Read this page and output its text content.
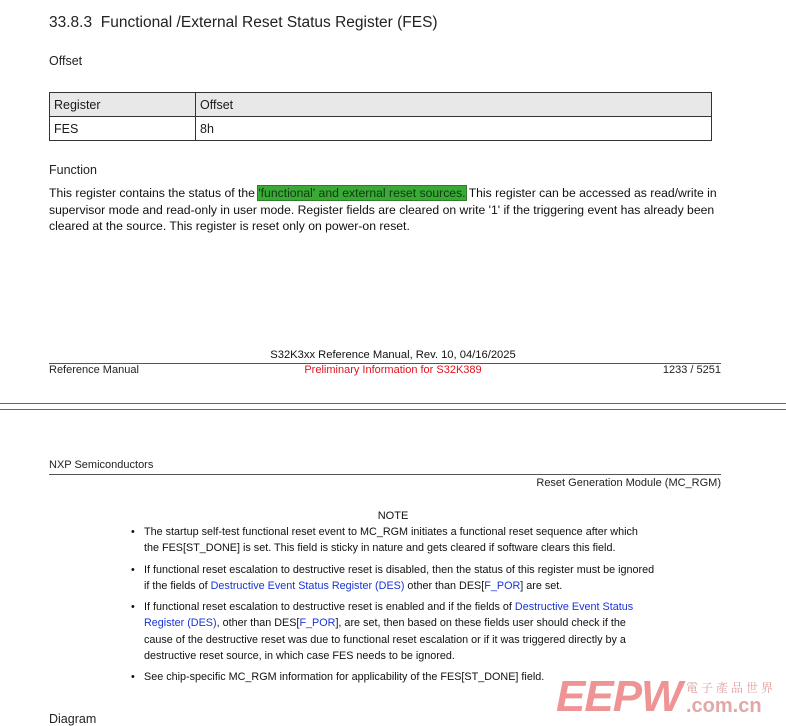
33.8.3 Functional /External Reset Status Register (FES)
Offset
Register	Offset
FES	8h
Function
This register contains the status of the 'functional' and external reset sources. This register can be accessed as read/write in supervisor mode and read-only in user mode. Register fields are cleared on write '1' if the triggering event has already been cleared at the source. This register is reset only on power-on reset.
S32K3xx Reference Manual, Rev. 10, 04/16/2025
Reference Manual	Preliminary Information for S32K389	1233 / 5251
NXP Semiconductors
Reset Generation Module (MC_RGM)
NOTE
• The startup self-test functional reset event to MC_RGM initiates a functional reset sequence after which the FES[ST_DONE] is set. This field is sticky in nature and gets cleared if software clears this field.
• If functional reset escalation to destructive reset is disabled, then the status of this register must be ignored if the fields of Destructive Event Status Register (DES) other than DES[F_POR] are set.
• If functional reset escalation to destructive reset is enabled and if the fields of Destructive Event Status Register (DES), other than DES[F_POR], are set, then based on these fields user should check if the cause of the destructive reset was due to functional reset escalation or if it was triggered directly by a destructive reset source, in which case FES needs to be ignored.
• See chip-specific MC_RGM information for applicability of the FES[ST_DONE] field.
Diagram	EEPW 電子產品世界
.com.cn
